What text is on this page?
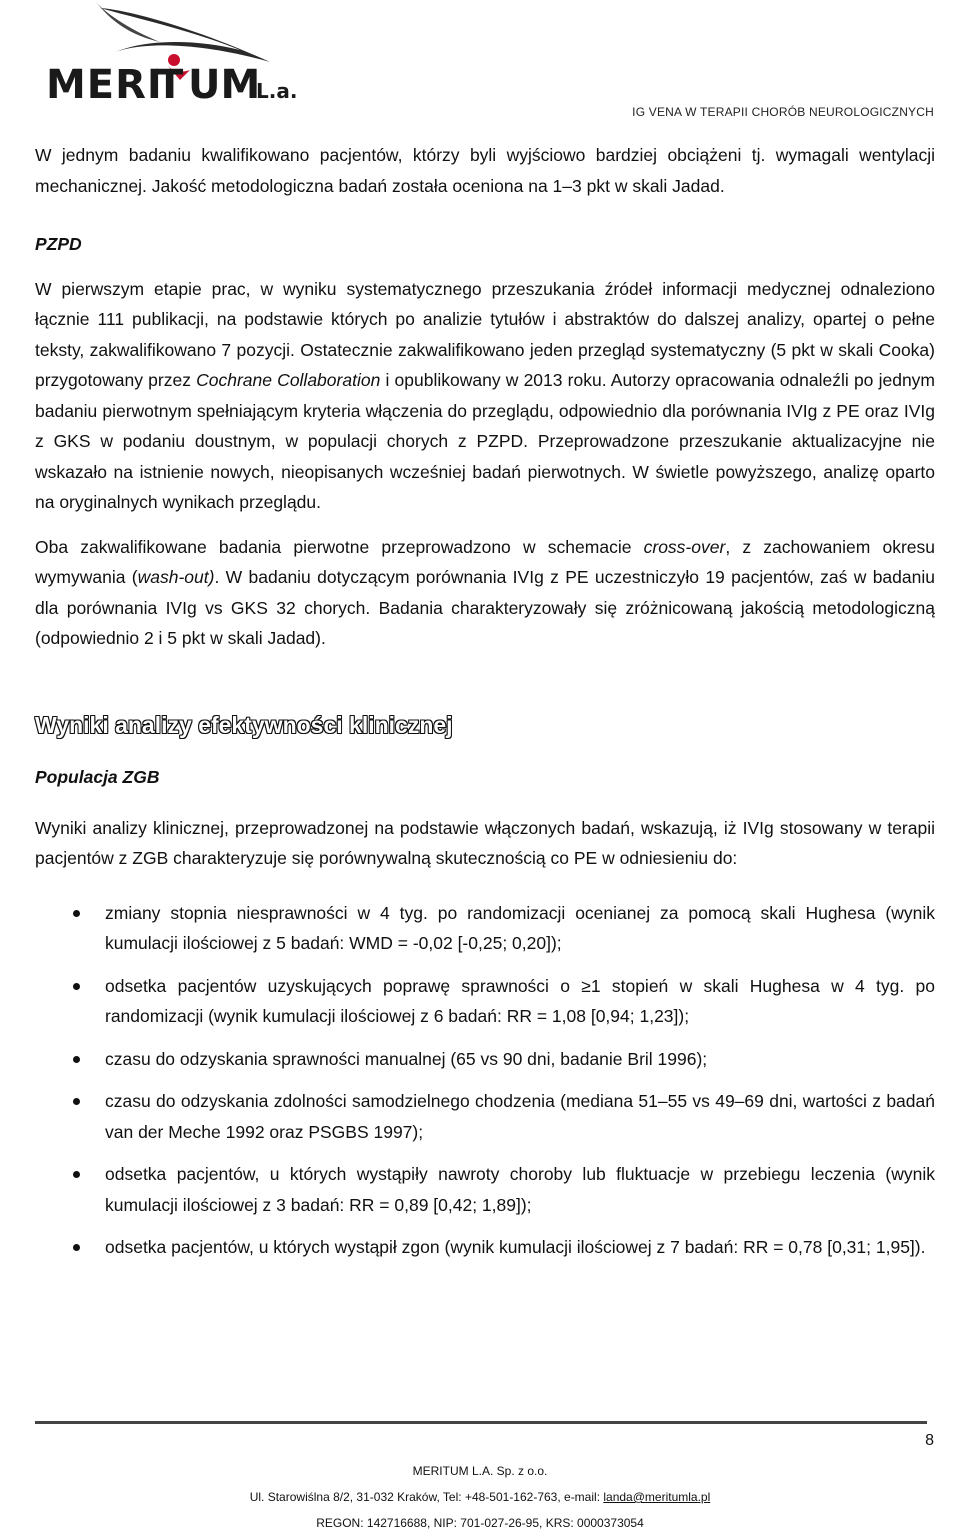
MERI
T UM
L.a.
IG VENA W TERAPII CHORÓB NEUROLOGICZNYCH

W jednym badaniu kwalifikowano pacjentów, którzy byli wyjściowo bardziej obciążeni tj. wymagali wentylacji mechanicznej. Jakość metodologiczna badań została oceniona na 1–3 pkt w skali Jadad.

PZPD

W pierwszym etapie prac, w wyniku systematycznego przeszukania źródeł informacji medycznej odnaleziono łącznie 111 publikacji, na podstawie których po analizie tytułów i abstraktów do dalszej analizy, opartej o pełne teksty, zakwalifikowano 7 pozycji. Ostatecznie zakwalifikowano jeden przegląd systematyczny (5 pkt w skali Cooka) przygotowany przez Cochrane Collaboration i opublikowany w 2013 roku. Autorzy opracowania odnaleźli po jednym badaniu pierwotnym spełniającym kryteria włączenia do przeglądu, odpowiednio dla porównania IVIg z PE oraz IVIg z GKS w podaniu doustnym, w populacji chorych z PZPD. Przeprowadzone przeszukanie aktualizacyjne nie wskazało na istnienie nowych, nieopisanych wcześniej badań pierwotnych. W świetle powyższego, analizę oparto na oryginalnych wynikach przeglądu.

Oba zakwalifikowane badania pierwotne przeprowadzono w schemacie cross-over, z zachowaniem okresu wymywania (wash-out). W badaniu dotyczącym porównania IVIg z PE uczestniczyło 19 pacjentów, zaś w badaniu dla porównania IVIg vs GKS 32 chorych. Badania charakteryzowały się zróżnicowaną jakością metodologiczną (odpowiednio 2 i 5 pkt w skali Jadad).

Wyniki analizy efektywności klinicznej

Populacja ZGB

Wyniki analizy klinicznej, przeprowadzonej na podstawie włączonych badań, wskazują, iż IVIg stosowany w terapii pacjentów z ZGB charakteryzuje się porównywalną skutecznością co PE w odniesieniu do:

zmiany stopnia niesprawności w 4 tyg. po randomizacji ocenianej za pomocą skali Hughesa (wynik kumulacji ilościowej z 5 badań: WMD = -0,02 [-0,25; 0,20]);
odsetka pacjentów uzyskujących poprawę sprawności o ≥1 stopień w skali Hughesa w 4 tyg. po randomizacji (wynik kumulacji ilościowej z 6 badań: RR = 1,08 [0,94; 1,23]);
czasu do odzyskania sprawności manualnej (65 vs 90 dni, badanie Bril 1996);
czasu do odzyskania zdolności samodzielnego chodzenia (mediana 51–55 vs 49–69 dni, wartości z badań van der Meche 1992 oraz PSGBS 1997);
odsetka pacjentów, u których wystąpiły nawroty choroby lub fluktuacje w przebiegu leczenia (wynik kumulacji ilościowej z 3 badań: RR = 0,89 [0,42; 1,89]);
odsetka pacjentów, u których wystąpił zgon (wynik kumulacji ilościowej z 7 badań: RR = 0,78 [0,31; 1,95]).
8
MERITUM L.A. Sp. z o.o.
Ul. Starowiślna 8/2, 31-032 Kraków, Tel: +48-501-162-763, e-mail: landa@meritumla.pl
REGON: 142716688, NIP: 701-027-26-95, KRS: 0000373054
